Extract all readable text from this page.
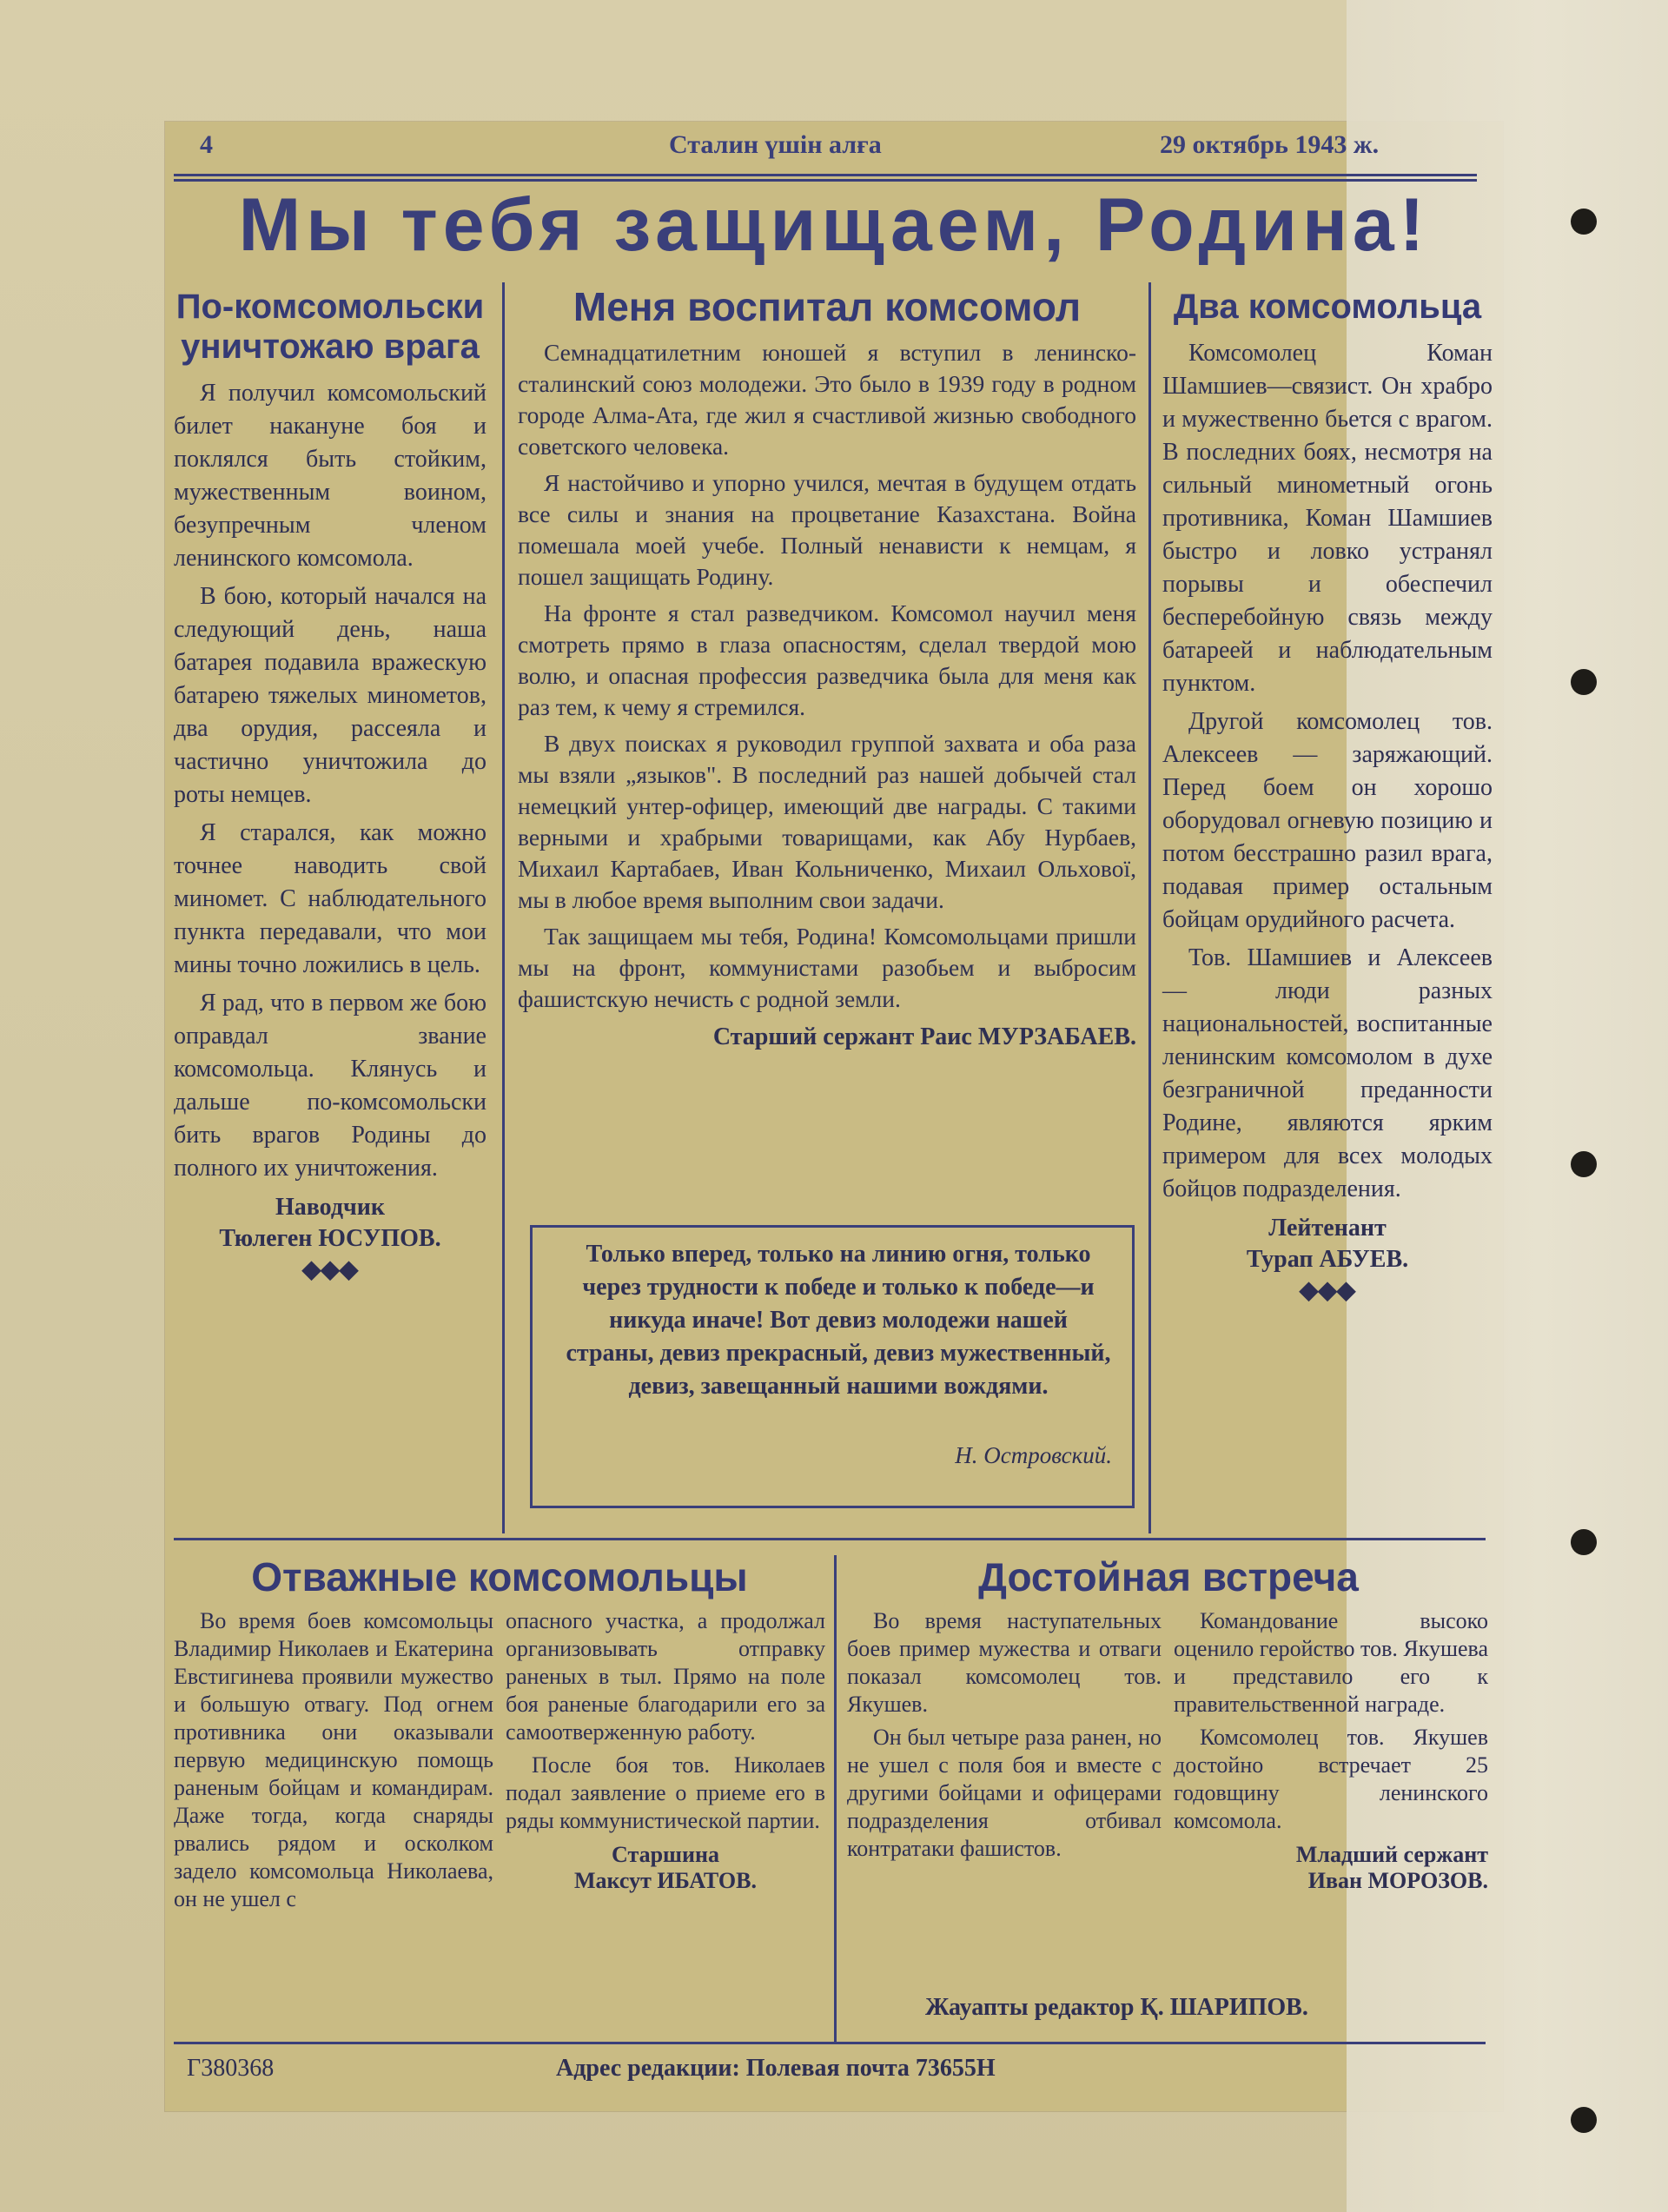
4	Сталин үшін алға	29 октябрь 1943 ж.
Мы тебя защищаем, Родина!
По-комсомольски уничтожаю врага

Я получил комсомольский билет накануне боя и поклялся быть стойким, мужественным воином, безупречным членом ленинского комсомола.

В бою, который начался на следующий день, наша батарея подавила вражескую батарею тяжелых минометов, два орудия, рассеяла и частично уничтожила до роты немцев.

Я старался, как можно точнее наводить свой миномет. С наблюдательного пункта передавали, что мои мины точно ложились в цель.

Я рад, что в первом же бою оправдал звание комсомольца. Клянусь и дальше по-комсомольски бить врагов Родины до полного их уничтожения.

Наводчик
Тюлеген ЮСУПОВ.
◆◆◆
Меня воспитал комсомол

Семнадцатилетним юношей я вступил в ленинско-сталинский союз молодежи. Это было в 1939 году в родном городе Алма-Ата, где жил я счастливой жизнью свободного советского человека.

Я настойчиво и упорно учился, мечтая в будущем отдать все силы и знания на процветание Казахстана. Война помешала моей учебе. Полный ненависти к немцам, я пошел защищать Родину.

На фронте я стал разведчиком. Комсомол научил меня смотреть прямо в глаза опасностям, сделал твердой мою волю, и опасная профессия разведчика была для меня как раз тем, к чему я стремился.

В двух поисках я руководил группой захвата и оба раза мы взяли „языков". В последний раз нашей добычей стал немецкий унтер-офицер, имеющий две награды. С такими верными и храбрыми товарищами, как Абу Нурбаев, Михаил Картабаев, Иван Кольниченко, Михаил Ольхової, мы в любое время выполним свои задачи.

Так защищаем мы тебя, Родина! Комсомольцами пришли мы на фронт, коммунистами разобьем и выбросим фашистскую нечисть с родной земли.

Старший сержант Раис МУРЗАБАЕВ.
Только вперед, только на линию огня, только через трудности к победе и только к победе—и никуда иначе! Вот девиз молодежи нашей страны, девиз прекрасный, девиз мужественный, девиз, завещанный нашими вождями.
Н. Островский.
Два комсомольца

Комсомолец Коман Шамшиев—связист. Он храбро и мужественно бьется с врагом. В последних боях, несмотря на сильный минометный огонь противника, Коман Шамшиев быстро и ловко устранял порывы и обеспечил бесперебойную связь между батареей и наблюдательным пунктом.

Другой комсомолец тов. Алексеев — заряжающий. Перед боем он хорошо оборудовал огневую позицию и потом бесстрашно разил врага, подавая пример остальным бойцам орудийного расчета.

Тов. Шамшиев и Алексеев — люди разных национальностей, воспитанные ленинским комсомолом в духе безграничной преданности Родине, являются ярким примером для всех молодых бойцов подразделения.

Лейтенант
Турап АБУЕВ.
◆◆◆
Отважные комсомольцы

Во время боев комсомольцы Владимир Николаев и Екатерина Евстигинева проявили мужество и большую отвагу. Под огнем противника они оказывали первую медицинскую помощь раненым бойцам и командирам. Даже тогда, когда снаряды рвались рядом и осколком задело комсомольца Николаева, он не ушел с

опасного участка, а продолжал организовывать отправку раненых в тыл. Прямо на поле боя раненые благодарили его за самоотверженную работу.

После боя тов. Николаев подал заявление о приеме его в ряды коммунистической партии.

Старшина
Максут ИБАТОВ.
Достойная встреча

Во время наступательных боев пример мужества и отваги показал комсомолец тов. Якушев.

Он был четыре раза ранен, но не ушел с поля боя и вместе с другими бойцами и офицерами подразделения отбивал контратаки фашистов.

Командование высоко оценило геройство тов. Якушева и представило его к правительственной награде.

Комсомолец тов. Якушев достойно встречает 25 годовщину ленинского комсомола.

Младший сержант
Иван МОРОЗОВ.
Жауапты редактор Қ. ШАРИПОВ.
Г380368	Адрес редакции: Полевая почта 73655Н
